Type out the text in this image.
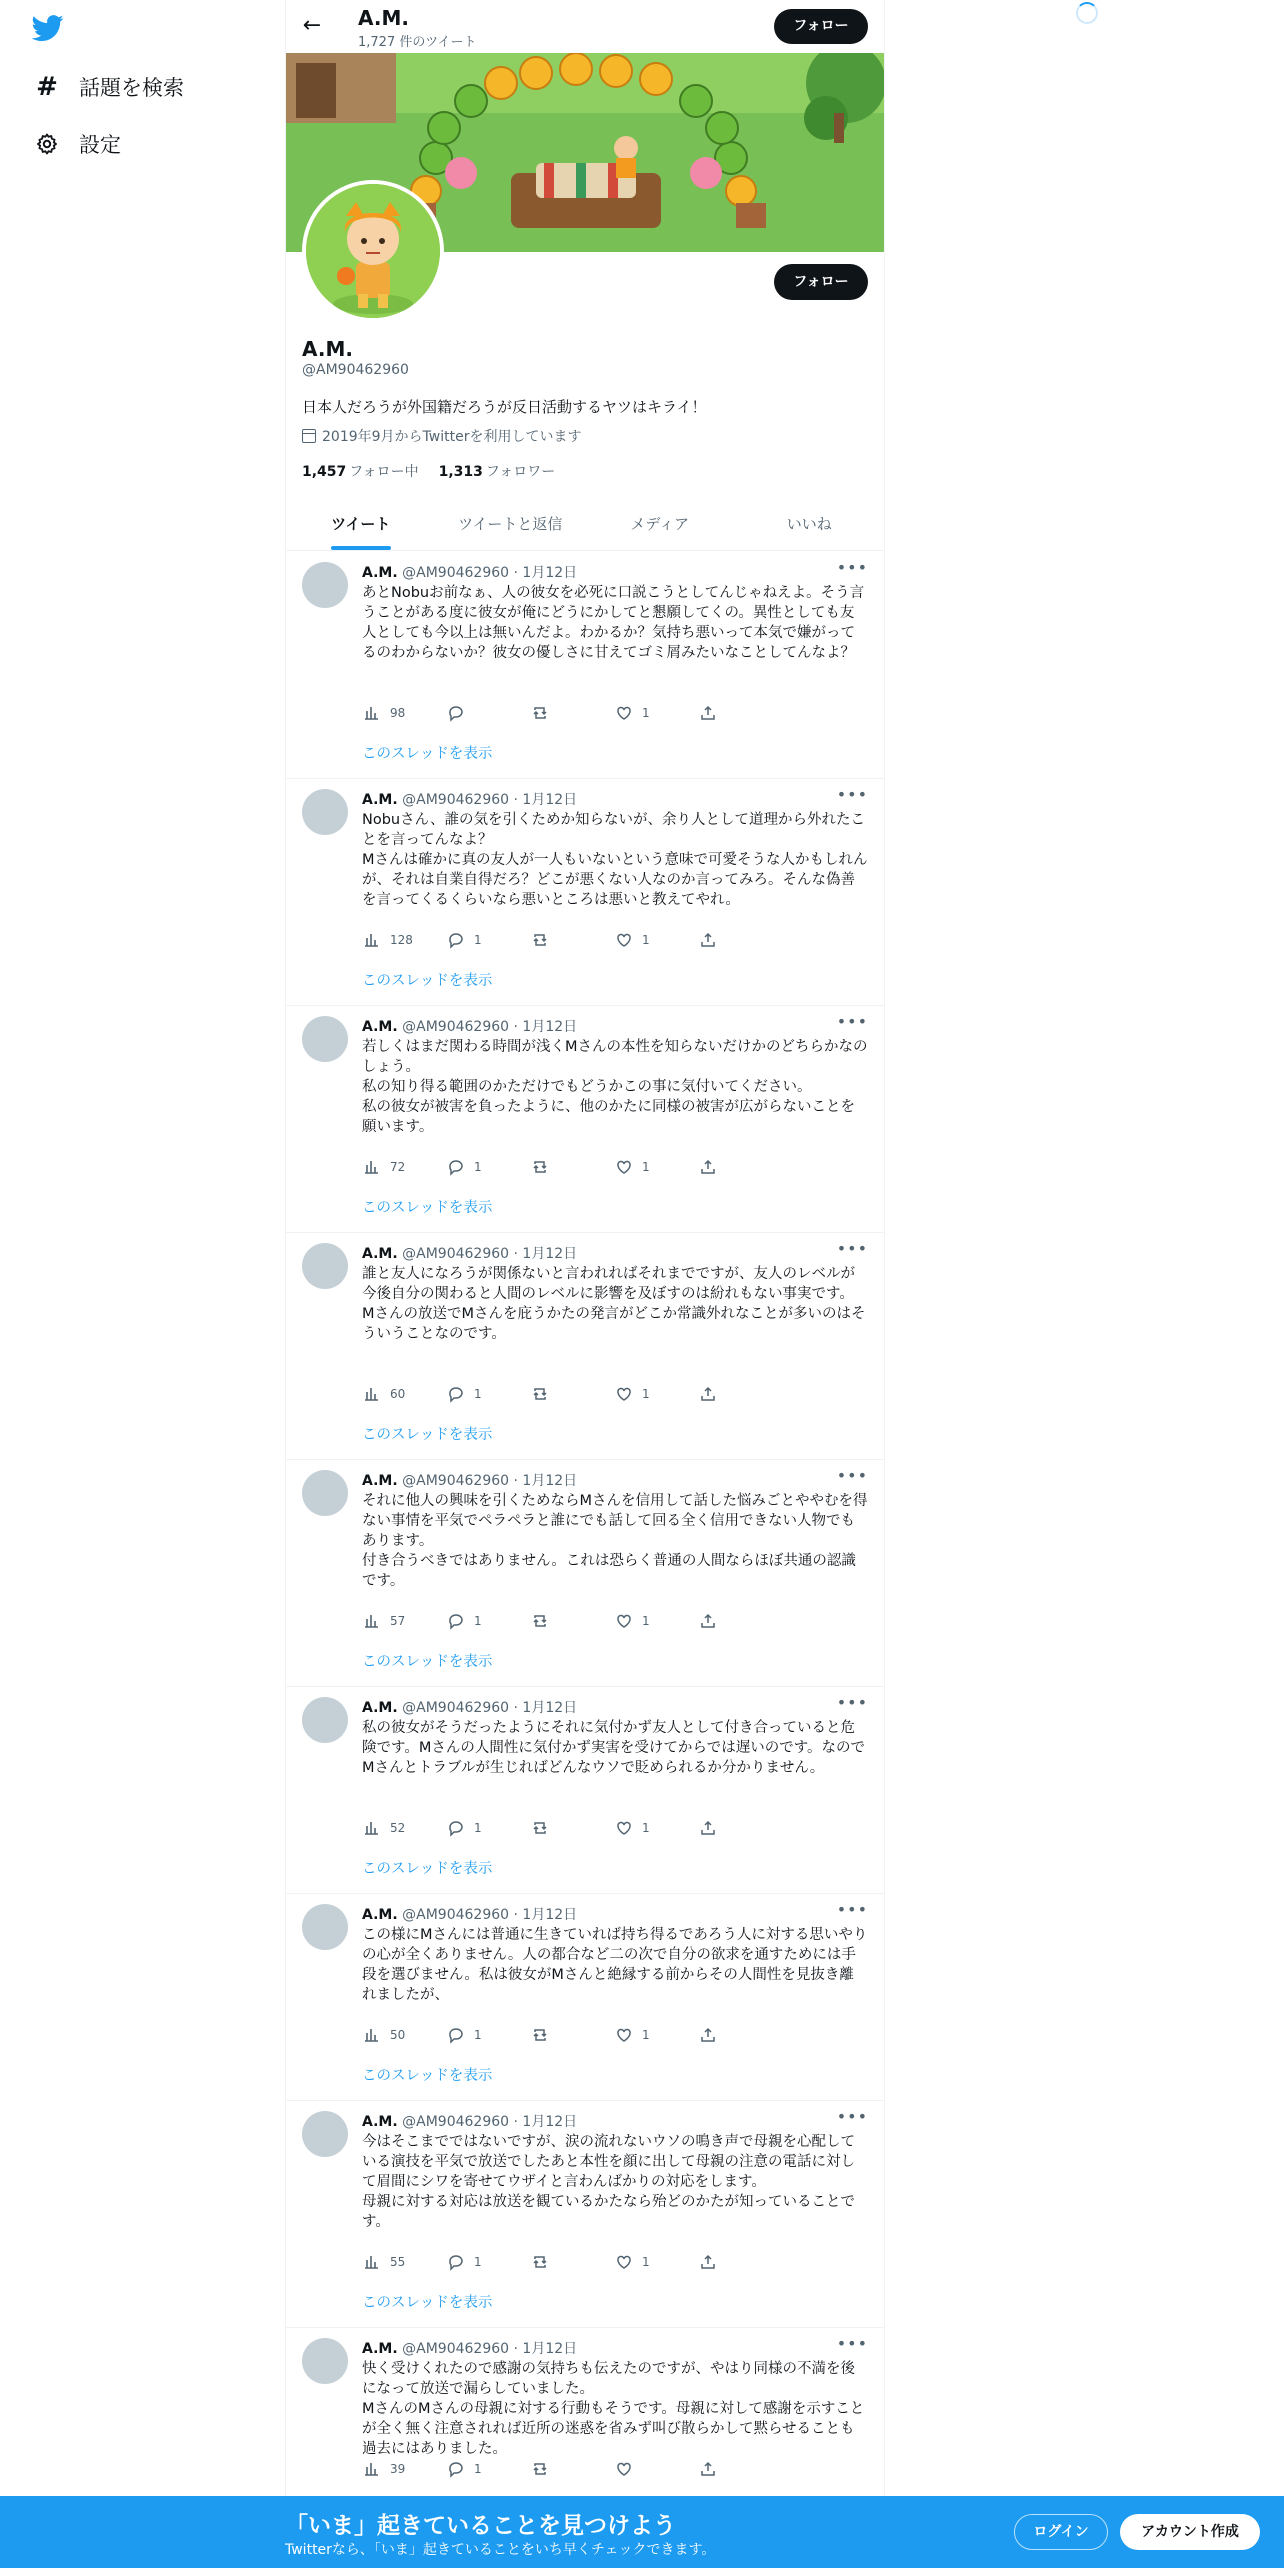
# 話題を検索
設定
← A.M.
1,727 件のツイート
フォロー
フォロー
A.M.
@AM90462960
日本人だろうが外国籍だろうが反日活動するヤツはキライ！
2019年9月からTwitterを利用しています
1,457 フォロー中 1,313 フォロワー
ツイート	ツイートと返信	メディア	いいね
A.M. @AM90462960 · 1月12日	•••

あとNobuお前なぁ、人の彼女を必死に口説こうとしてんじゃねえよ。そう言うことがある度に彼女が俺にどうにかしてと懇願してくの。異性としても友人としても今以上は無いんだよ。わかるか？気持ち悪いって本気で嫌がってるのわからないか？彼女の優しさに甘えてゴミ屑みたいなことしてんなよ？

98	1
このスレッドを表示
A.M. @AM90462960 · 1月12日	•••

Nobuさん、誰の気を引くためか知らないが、余り人として道理から外れたことを言ってんなよ？

Mさんは確かに真の友人が一人もいないという意味で可愛そうな人かもしれんが、それは自業自得だろ？どこが悪くない人なのか言ってみろ。そんな偽善を言ってくるくらいなら悪いところは悪いと教えてやれ。

128	1	1
このスレッドを表示
A.M. @AM90462960 · 1月12日	•••

若しくはまだ関わる時間が浅くMさんの本性を知らないだけかのどちらかなのしょう。

私の知り得る範囲のかただけでもどうかこの事に気付いてください。

私の彼女が被害を負ったように、他のかたに同様の被害が広がらないことを願います。

72	1	1
このスレッドを表示
A.M. @AM90462960 · 1月12日	•••

誰と友人になろうが関係ないと言われればそれまでですが、友人のレベルが今後自分の関わると人間のレベルに影響を及ぼすのは紛れもない事実です。

Mさんの放送でMさんを庇うかたの発言がどこか常識外れなことが多いのはそういうことなのです。

60	1	1
このスレッドを表示
A.M. @AM90462960 · 1月12日	•••

それに他人の興味を引くためならMさんを信用して話した悩みごとややむを得ない事情を平気でペラペラと誰にでも話して回る全く信用できない人物でもあります。

付き合うべきではありません。これは恐らく普通の人間ならほぼ共通の認識です。

57	1	1
このスレッドを表示
A.M. @AM90462960 · 1月12日	•••

私の彼女がそうだったようにそれに気付かず友人として付き合っていると危険です。Mさんの人間性に気付かず実害を受けてからでは遅いのです。なのでMさんとトラブルが生じればどんなウソで貶められるか分かりません。

52	1	1
このスレッドを表示
A.M. @AM90462960 · 1月12日	•••

この様にMさんには普通に生きていれば持ち得るであろう人に対する思いやりの心が全くありません。人の都合など二の次で自分の欲求を通すためには手段を選びません。私は彼女がMさんと絶縁する前からその人間性を見抜き離れましたが、

50	1	1
このスレッドを表示
A.M. @AM90462960 · 1月12日	•••

今はそこまでではないですが、涙の流れないウソの鳴き声で母親を心配している演技を平気で放送でしたあと本性を顔に出して母親の注意の電話に対して眉間にシワを寄せてウザイと言わんばかりの対応をします。

母親に対する対応は放送を観ているかたなら殆どのかたが知っていることです。

55	1	1
このスレッドを表示
A.M. @AM90462960 · 1月12日	•••

快く受けくれたので感謝の気持ちも伝えたのですが、やはり同様の不満を後になって放送で漏らしていました。

MさんのMさんの母親に対する行動もそうです。母親に対して感謝を示すことが全く無く注意されれば近所の迷惑を省みず叫び散らかして黙らせることも過去にはありました。

39	1
「いま」起きていることを見つけよう
Twitterなら、「いま」起きていることをいち早くチェックできます。
ログイン	アカウント作成
